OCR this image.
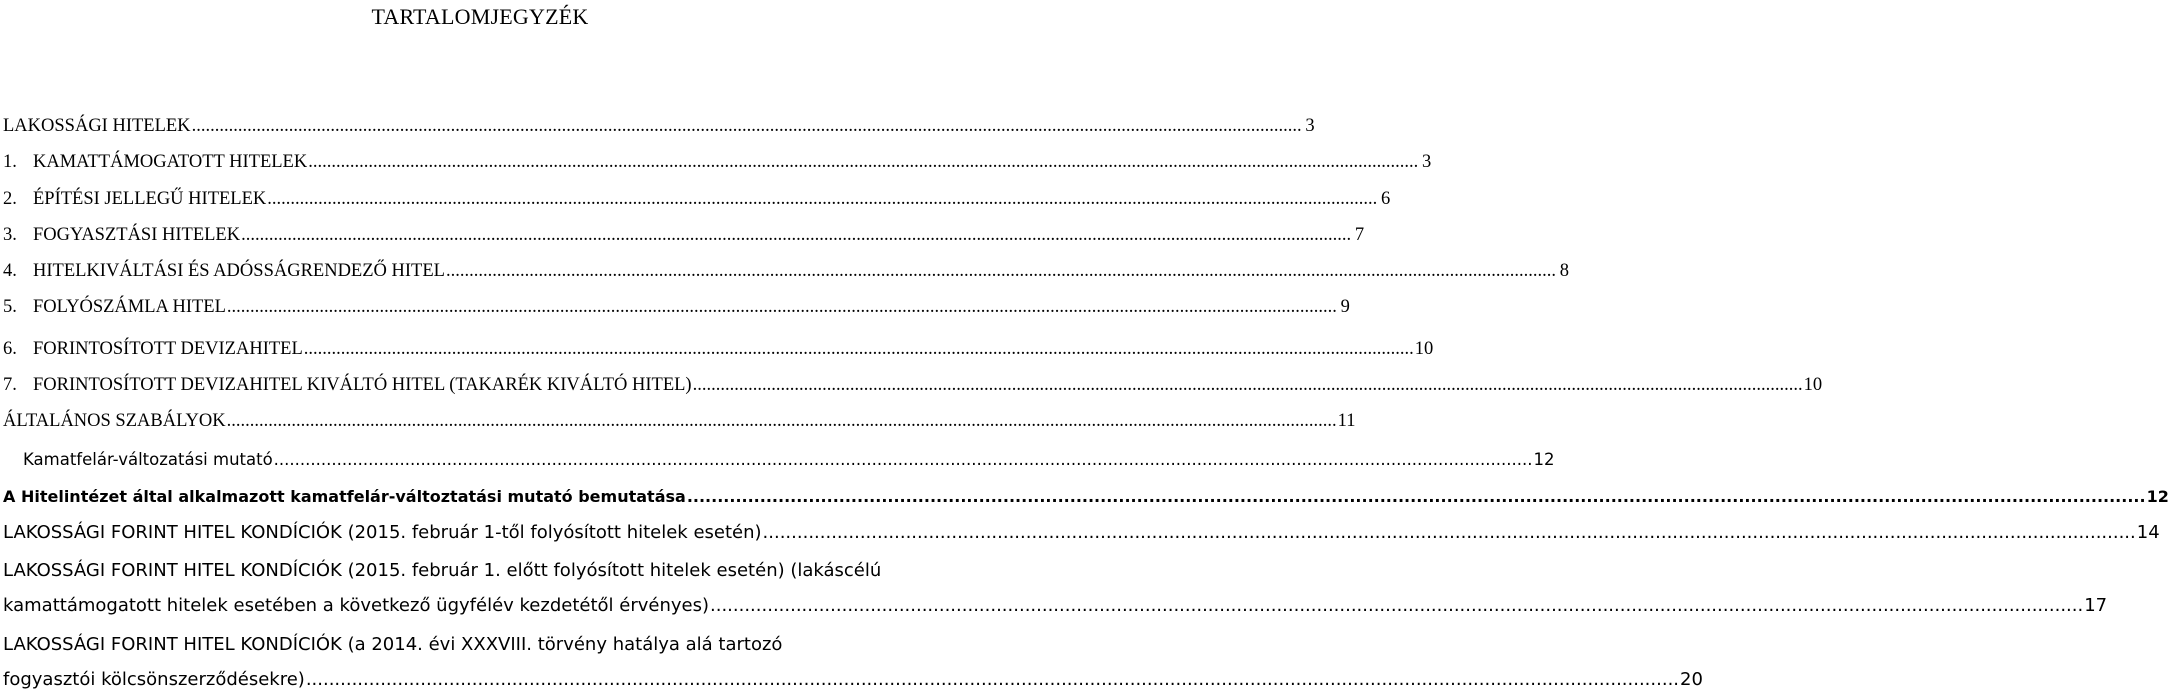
TARTALOMJEGYZÉK
LAKOSSÁGI HITELEK .....	3
1. KAMATTÁMOGATOTT HITELEK .....	3
2. ÉPÍTÉSI JELLEGŰ HITELEK .....	6
3. FOGYASZTÁSI HITELEK .....	7
4. HITELKIVÁLTÁSI ÉS ADÓSSÁGRENDEZŐ HITEL .....	8
5. FOLYÓSZÁMLA HITEL .....	9
6. FORINTOSÍTOTT DEVIZAHITEL .....	10
7. FORINTOSÍTOTT DEVIZAHITEL KIVÁLTÓ HITEL (TAKARÉK KIVÁLTÓ HITEL) .....	10
ÁLTALÁNOS SZABÁLYOK .....	11
Kamatfelár-változatási mutató .....	12
A Hitelintézet által alkalmazott kamatfelár-változtatási mutató bemutatása .....	12
LAKOSSÁGI FORINT HITEL KONDÍCIÓK (2015. február 1-től folyósított hitelek esetén) .....	14
LAKOSSÁGI FORINT HITEL KONDÍCIÓK (2015. február 1. előtt folyósított hitelek esetén) (lakáscélú
kamattámogatott hitelek esetében a következő ügyfélév kezdetétől érvényes) .....	17
LAKOSSÁGI FORINT HITEL KONDÍCIÓK (a 2014. évi XXXVIII. törvény hatálya alá tartozó
fogyasztói kölcsönszerződésekre) .....	20
